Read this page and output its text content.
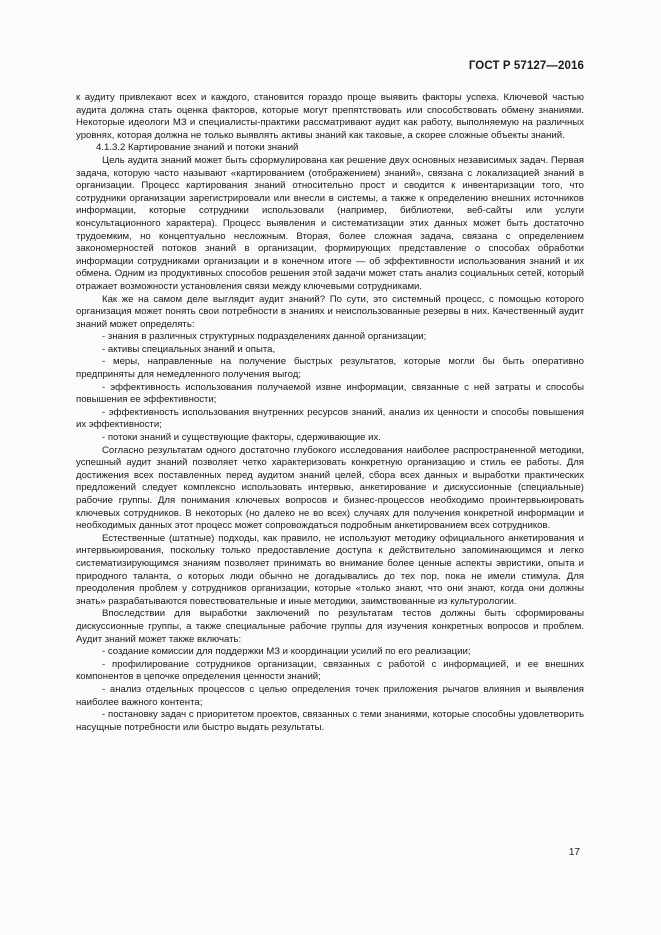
ГОСТ Р 57127—2016

к аудиту привлекают всех и каждого, становится гораздо проще выявить факторы успеха. Ключевой частью аудита должна стать оценка факторов, которые могут препятствовать или способствовать обмену знаниями. Некоторые идеологи МЗ и специалисты-практики рассматривают аудит как работу, выполняемую на различных уровнях, которая должна не только выявлять активы знаний как таковые, а скорее сложные объекты знаний.

4.1.3.2 Картирование знаний и потоки знаний

Цель аудита знаний может быть сформулирована как решение двух основных независимых задач. Первая задача, которую часто называют «картированием (отображением) знаний», связана с локализацией знаний в организации. Процесс картирования знаний относительно прост и сводится к инвентаризации того, что сотрудники организации зарегистрировали или внесли в системы, а также к определению внешних источников информации, которые сотрудники использовали (например, библиотеки, веб-сайты или услуги консультационного характера). Процесс выявления и систематизации этих данных может быть достаточно трудоемким, но концептуально несложным. Вторая, более сложная задача, связана с определением закономерностей потоков знаний в организации, формирующих представление о способах обработки информации сотрудниками организации и в конечном итоге — об эффективности использования знаний и их обмена. Одним из продуктивных способов решения этой задачи может стать анализ социальных сетей, который отражает возможности установления связи между ключевыми сотрудниками.

Как же на самом деле выглядит аудит знаний? По сути, это системный процесс, с помощью которого организация может понять свои потребности в знаниях и неиспользованные резервы в них. Качественный аудит знаний может определять:

- знания в различных структурных подразделениях данной организации;

- активы специальных знаний и опыта,

- меры, направленные на получение быстрых результатов, которые могли бы быть оперативно предприняты для немедленного получения выгод;

- эффективность использования получаемой извне информации, связанные с ней затраты и способы повышения ее эффективности;

- эффективность использования внутренних ресурсов знаний, анализ их ценности и способы повышения их эффективности;

- потоки знаний и существующие факторы, сдерживающие их.

Согласно результатам одного достаточно глубокого исследования наиболее распространенной методики, успешный аудит знаний позволяет четко характеризовать конкретную организацию и стиль ее работы. Для достижения всех поставленных перед аудитом знаний целей, сбора всех данных и выработки практических предложений следует комплексно использовать интервью, анкетирование и дискуссионные (специальные) рабочие группы. Для понимания ключевых вопросов и бизнес-процессов необходимо проинтервьюировать ключевых сотрудников. В некоторых (но далеко не во всех) случаях для получения конкретной информации и необходимых данных этот процесс может сопровождаться подробным анкетированием всех сотрудников.

Естественные (штатные) подходы, как правило, не используют методику официального анкетирования и интервьюирования, поскольку только предоставление доступа к действительно запоминающимся и легко систематизирующимся знаниям позволяет принимать во внимание более ценные аспекты эвристики, опыта и природного таланта, о которых люди обычно не догадывались до тех пор, пока не имели стимула. Для преодоления проблем у сотрудников организации, которые «только знают, что они знают, когда они должны знать» разрабатываются повествовательные и иные методики, заимствованные из культурологии.

Впоследствии для выработки заключений по результатам тестов должны быть сформированы дискуссионные группы, а также специальные рабочие группы для изучения конкретных вопросов и проблем. Аудит знаний может также включать:

- создание комиссии для поддержки МЗ и координации усилий по его реализации;

- профилирование сотрудников организации, связанных с работой с информацией, и ее внешних компонентов в цепочке определения ценности знаний;

- анализ отдельных процессов с целью определения точек приложения рычагов влияния и выявления наиболее важного контента;

- постановку задач с приоритетом проектов, связанных с теми знаниями, которые способны удовлетворить насущные потребности или быстро выдать результаты.

17
